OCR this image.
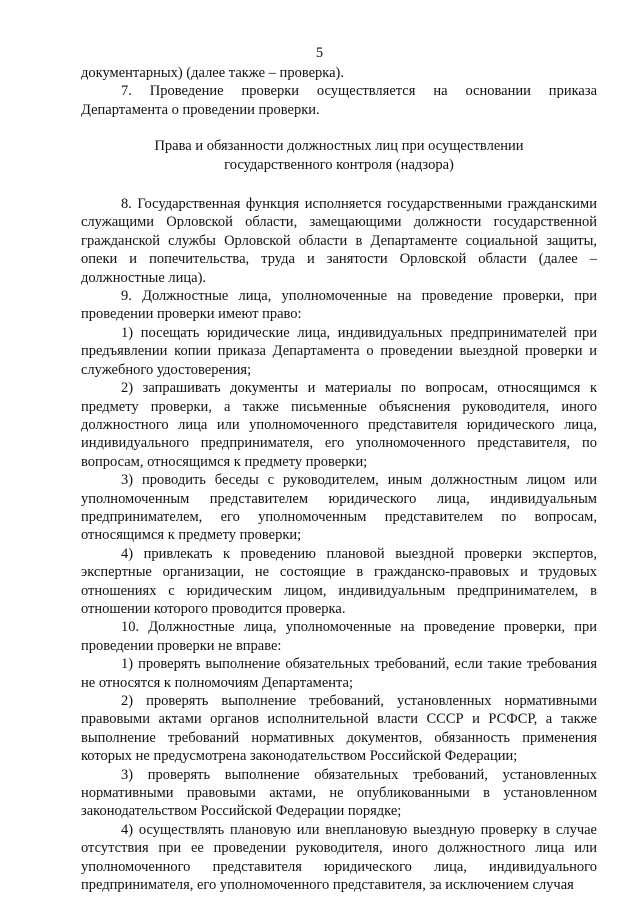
5

документарных) (далее также – проверка).

7. Проведение проверки осуществляется на основании приказа Департамента о проведении проверки.

Права и обязанности должностных лиц при осуществлении
государственного контроля (надзора)

8. Государственная функция исполняется государственными гражданскими служащими Орловской области, замещающими должности государственной гражданской службы Орловской области в Департаменте социальной защиты, опеки и попечительства, труда и занятости Орловской области (далее – должностные лица).

9. Должностные лица, уполномоченные на проведение проверки, при проведении проверки имеют право:

1) посещать юридические лица, индивидуальных предпринимателей при предъявлении копии приказа Департамента о проведении выездной проверки и служебного удостоверения;

2) запрашивать документы и материалы по вопросам, относящимся к предмету проверки, а также письменные объяснения руководителя, иного должностного лица или уполномоченного представителя юридического лица, индивидуального предпринимателя, его уполномоченного представителя, по вопросам, относящимся к предмету проверки;

3) проводить беседы с руководителем, иным должностным лицом или уполномоченным представителем юридического лица, индивидуальным предпринимателем, его уполномоченным представителем по вопросам, относящимся к предмету проверки;

4) привлекать к проведению плановой выездной проверки экспертов, экспертные организации, не состоящие в гражданско-правовых и трудовых отношениях с юридическим лицом, индивидуальным предпринимателем, в отношении которого проводится проверка.

10. Должностные лица, уполномоченные на проведение проверки, при проведении проверки не вправе:

1) проверять выполнение обязательных требований, если такие требования не относятся к полномочиям Департамента;

2) проверять выполнение требований, установленных нормативными правовыми актами органов исполнительной власти СССР и РСФСР, а также выполнение требований нормативных документов, обязанность применения которых не предусмотрена законодательством Российской Федерации;

3) проверять выполнение обязательных требований, установленных нормативными правовыми актами, не опубликованными в установленном законодательством Российской Федерации порядке;

4) осуществлять плановую или внеплановую выездную проверку в случае отсутствия при ее проведении руководителя, иного должностного лица или уполномоченного представителя юридического лица, индивидуального предпринимателя, его уполномоченного представителя, за исключением случая
